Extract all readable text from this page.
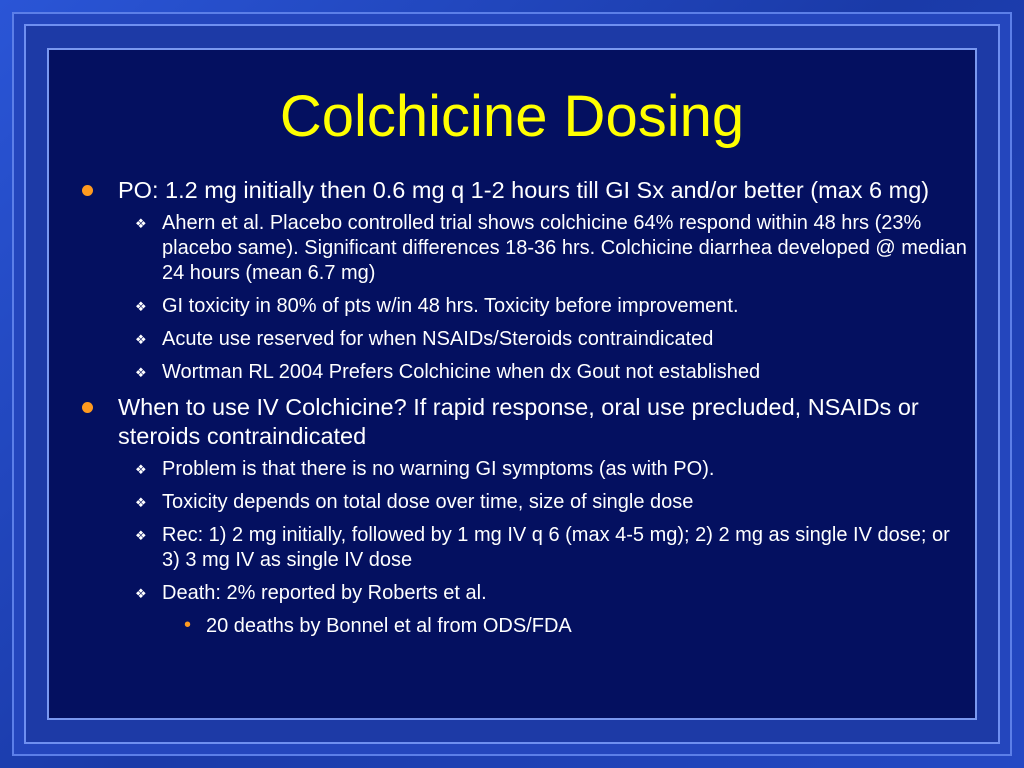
Colchicine Dosing
PO: 1.2 mg initially then 0.6 mg q 1-2 hours till GI Sx and/or better (max 6 mg)
❖ Ahern et al. Placebo controlled trial shows colchicine 64% respond within 48 hrs (23% placebo same). Significant differences 18-36 hrs. Colchicine diarrhea developed @ median 24 hours (mean 6.7 mg)
❖ GI toxicity in 80% of pts w/in 48 hrs. Toxicity before improvement.
❖ Acute use reserved for when NSAIDs/Steroids contraindicated
❖ Wortman RL 2004 Prefers Colchicine when dx Gout not established
When to use IV Colchicine? If rapid response, oral use precluded, NSAIDs or steroids contraindicated
❖ Problem is that there is no warning GI symptoms (as with PO).
❖ Toxicity depends on total dose over time, size of single dose
❖ Rec: 1) 2 mg initially, followed by 1 mg IV q 6 (max 4-5 mg); 2) 2 mg as single IV dose; or 3) 3 mg IV as single IV dose
❖ Death: 2% reported by Roberts et al.
• 20 deaths by Bonnel et al from ODS/FDA
